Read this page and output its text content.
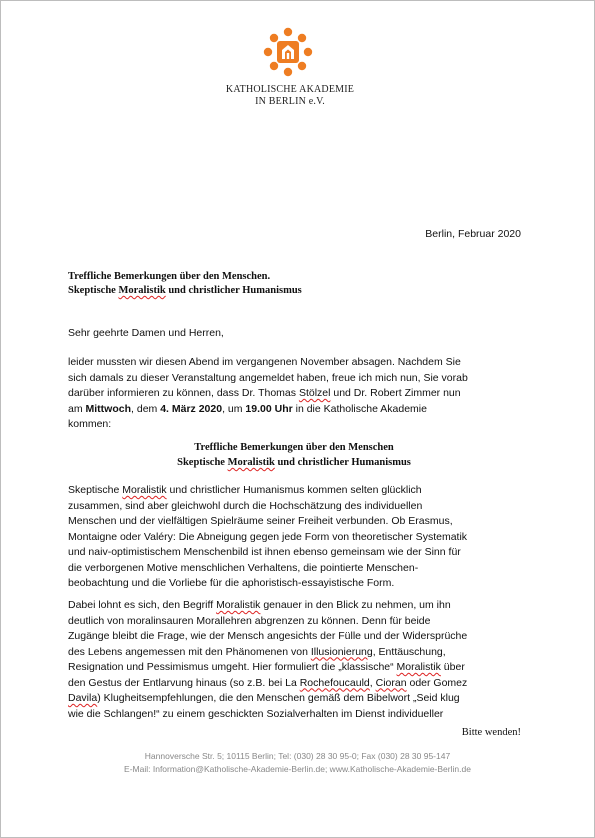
KATHOLISCHE AKADEMIE
IN BERLIN e.V.
Berlin, Februar 2020
Treffliche Bemerkungen über den Menschen.
Skeptische Moralistik und christlicher Humanismus
Sehr geehrte Damen und Herren,
leider mussten wir diesen Abend im vergangenen November absagen. Nachdem Sie
sich damals zu dieser Veranstaltung angemeldet haben, freue ich mich nun, Sie vorab
darüber informieren zu können, dass Dr. Thomas Stölzel und Dr. Robert Zimmer nun
am Mittwoch, dem 4. März 2020, um 19.00 Uhr in die Katholische Akademie
kommen:
Treffliche Bemerkungen über den Menschen
Skeptische Moralistik und christlicher Humanismus
Skeptische Moralistik und christlicher Humanismus kommen selten glücklich
zusammen, sind aber gleichwohl durch die Hochschätzung des individuellen
Menschen und der vielfältigen Spielräume seiner Freiheit verbunden. Ob Erasmus,
Montaigne oder Valéry: Die Abneigung gegen jede Form von theoretischer Systematik
und naiv-optimistischem Menschenbild ist ihnen ebenso gemeinsam wie der Sinn für
die verborgenen Motive menschlichen Verhaltens, die pointierte Menschen-
beobachtung und die Vorliebe für die aphoristisch-essayistische Form.
Dabei lohnt es sich, den Begriff Moralistik genauer in den Blick zu nehmen, um ihn
deutlich von moralinsauren Morallehren abgrenzen zu können. Denn für beide
Zugänge bleibt die Frage, wie der Mensch angesichts der Fülle und der Widersprüche
des Lebens angemessen mit den Phänomenen von Illusionierung, Enttäuschung,
Resignation und Pessimismus umgeht. Hier formuliert die „klassische“ Moralistik über
den Gestus der Entlarvung hinaus (so z.B. bei La Rochefoucauld, Cioran oder Gomez
Davila) Klugheitsempfehlungen, die den Menschen gemäß dem Bibelwort „Seid klug
wie die Schlangen!“ zu einem geschickten Sozialverhalten im Dienst individueller
Bitte wenden!
Hannoversche Str. 5; 10115 Berlin; Tel: (030) 28 30 95-0; Fax (030) 28 30 95-147
E-Mail: Information@Katholische-Akademie-Berlin.de; www.Katholische-Akademie-Berlin.de
